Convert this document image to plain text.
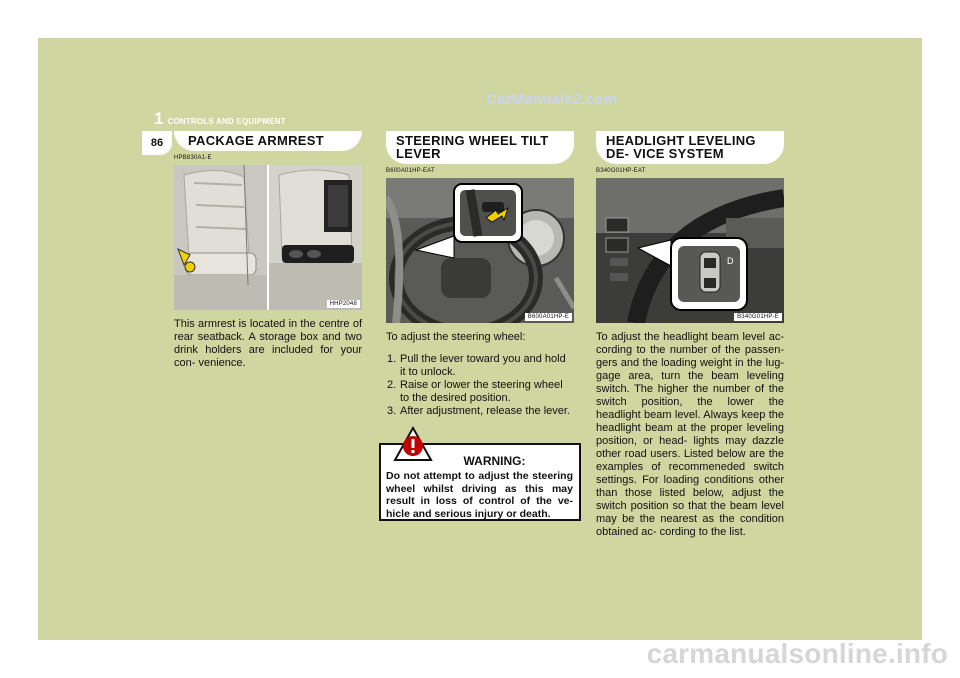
CarManuals2.com
1 CONTROLS AND EQUIPMENT
86	PACKAGE ARMREST
HPB830A1-E
HHP2048
This armrest is located in the centre of rear seatback. A storage box and two drink holders are included for your con- venience.
STEERING WHEEL TILT LEVER
B600A01HP-EAT
B600A01HP-E
To adjust the steering wheel:
1. Pull the lever toward you and hold it to unlock.
2. Raise or lower the steering wheel to the desired position.
3. After adjustment, release the lever.
WARNING:
Do not attempt to adjust the steering wheel whilst driving as this may result in loss of control of the ve- hicle and serious injury or death.
HEADLIGHT LEVELING DE- VICE SYSTEM
B340G01HP-EAT
D
B340G01HP-E
To adjust the headlight beam level ac- cording to the number of the passen- gers and the loading weight in the lug- gage area, turn the beam leveling switch. The higher the number of the switch position, the lower the headlight beam level. Always keep the headlight beam at the proper leveling position, or head- lights may dazzle other road users. Listed below are the examples of recommeneded switch settings. For loading conditions other than those listed below, adjust the switch position so that the beam level may be the nearest as the condition obtained ac- cording to the list.
carmanualsonline.info
